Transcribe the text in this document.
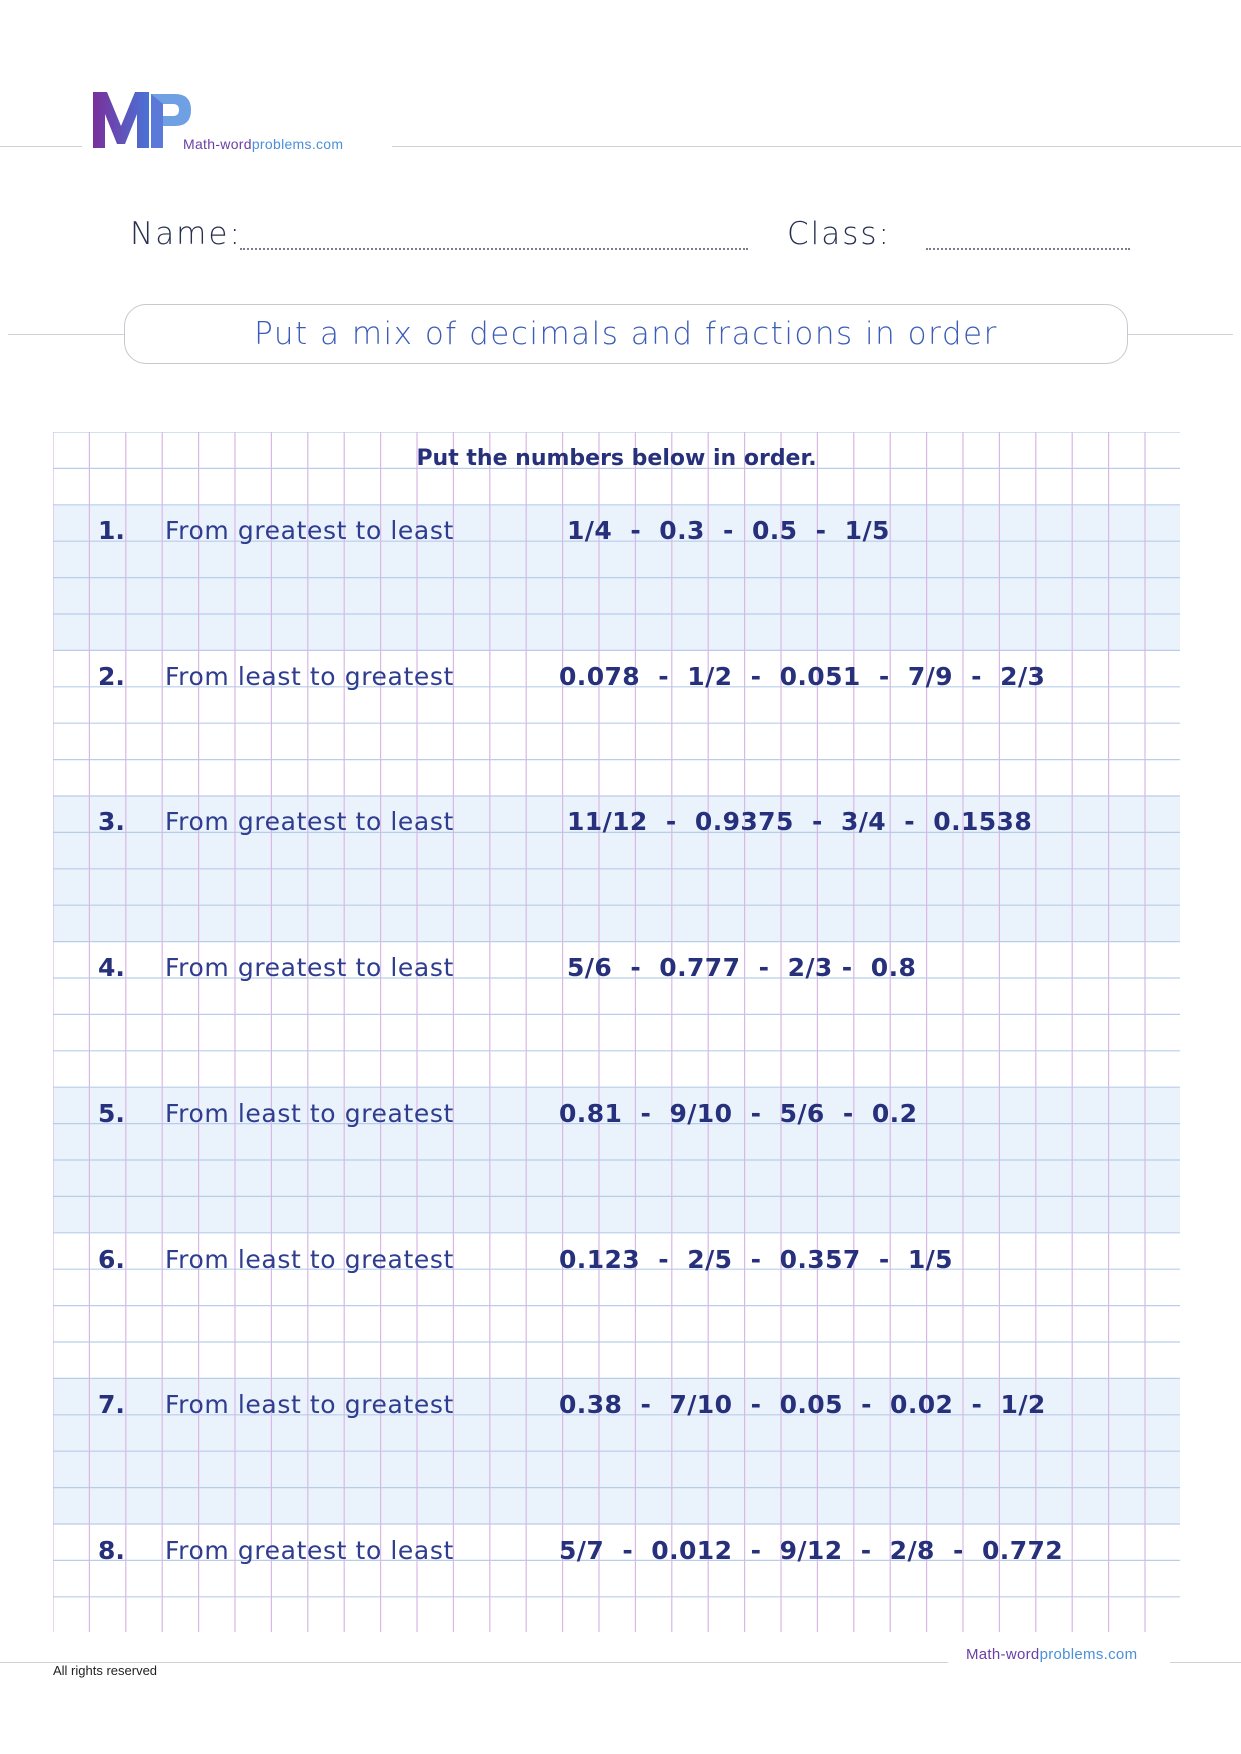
Math-wordproblems.com
Name:	Class:
Put a mix of decimals and fractions in order
Put the numbers below in order.
1. From greatest to least	1/4  -  0.3  -  0.5  -  1/5
2. From least to greatest	0.078  -  1/2  -  0.051  -  7/9  -  2/3
3. From greatest to least	11/12  -  0.9375  -  3/4  -  0.1538
4. From greatest to least	5/6  -  0.777  -  2/3 -  0.8
5. From least to greatest	0.81  -  9/10  -  5/6  -  0.2
6. From least to greatest	0.123  -  2/5  -  0.357  -  1/5
7. From least to greatest	0.38  -  7/10  -  0.05  -  0.02  -  1/2
8. From greatest to least	5/7  -  0.012  -  9/12  -  2/8  -  0.772
All rights reserved
Math-wordproblems.com
